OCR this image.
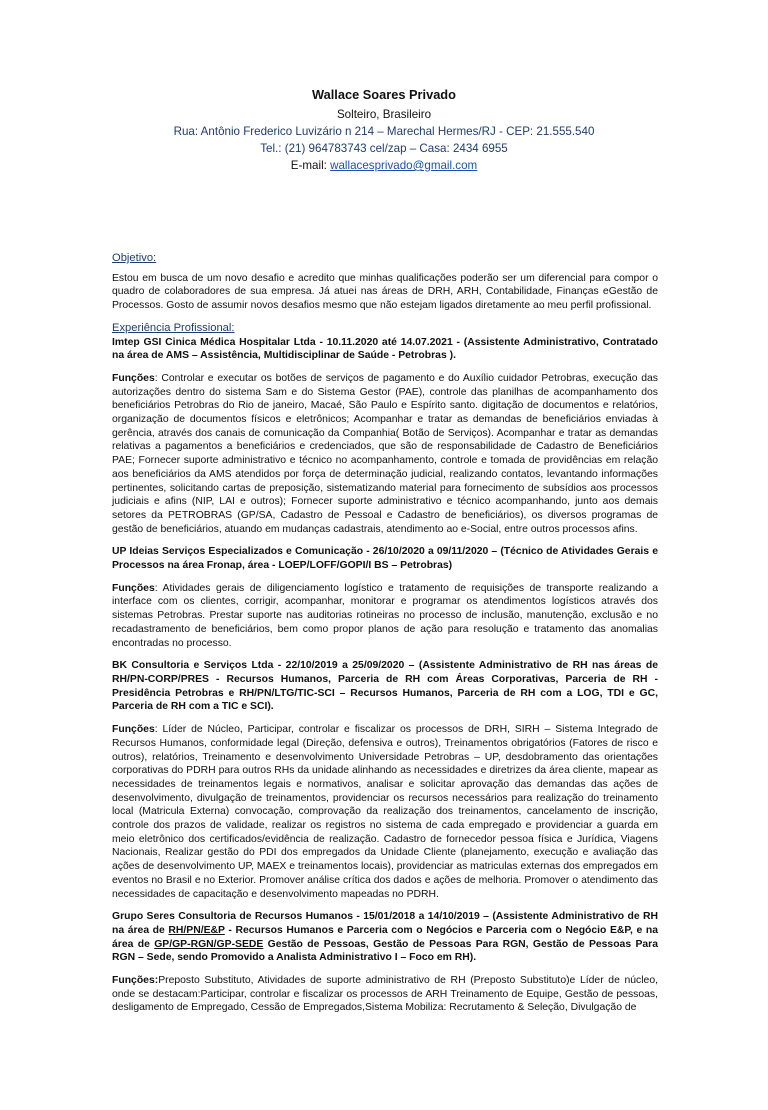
Wallace Soares Privado
Solteiro, Brasileiro
Rua: Antônio Frederico Luvizário n 214 – Marechal Hermes/RJ - CEP: 21.555.540
Tel.: (21) 964783743 cel/zap – Casa: 2434 6955
E-mail: wallacesprivado@gmail.com
Objetivo:

Estou em busca de um novo desafio e acredito que minhas qualificações poderão ser um diferencial para compor o quadro de colaboradores de sua empresa. Já atuei nas áreas de DRH, ARH, Contabilidade, Finanças eGestão de Processos. Gosto de assumir novos desafios mesmo que não estejam ligados diretamente ao meu perfil profissional.

Experiência Profissional:

Imtep GSI Cinica Médica Hospitalar Ltda - 10.11.2020 até 14.07.2021 - (Assistente Administrativo, Contratado na área de AMS – Assistência, Multidisciplinar de Saúde - Petrobras ).

Funções: Controlar e executar os botões de serviços de pagamento e do Auxílio cuidador Petrobras, execução das autorizações dentro do sistema Sam e do Sistema Gestor (PAE), controle das planilhas de acompanhamento dos beneficiários Petrobras do Rio de janeiro, Macaé, São Paulo e Espírito santo. digitação de documentos e relatórios, organização de documentos físicos e eletrônicos; Acompanhar e tratar as demandas de beneficiários enviadas à gerência, através dos canais de comunicação da Companhia( Botão de Serviços). Acompanhar e tratar as demandas relativas a pagamentos a beneficiários e credenciados, que são de responsabilidade de Cadastro de Beneficiários PAE; Fornecer suporte administrativo e técnico no acompanhamento, controle e tomada de providências em relação aos beneficiários da AMS atendidos por força de determinação judicial, realizando contatos, levantando informações pertinentes, solicitando cartas de preposição, sistematizando material para fornecimento de subsídios aos processos judiciais e afins (NIP, LAI e outros); Fornecer suporte administrativo e técnico acompanhando, junto aos demais setores da PETROBRAS (GP/SA, Cadastro de Pessoal e Cadastro de beneficiários), os diversos programas de gestão de beneficiários, atuando em mudanças cadastrais, atendimento ao e-Social, entre outros processos afins.

UP Ideias Serviços Especializados e Comunicação - 26/10/2020 a 09/11/2020 – (Técnico de Atividades Gerais e Processos na área Fronap, área - LOEP/LOFF/GOPI/I BS – Petrobras)

Funções: Atividades gerais de diligenciamento logístico e tratamento de requisições de transporte realizando a interface com os clientes, corrigir, acompanhar, monitorar e programar os atendimentos logísticos através dos sistemas Petrobras. Prestar suporte nas auditorias rotineiras no processo de inclusão, manutenção, exclusão e no recadastramento de beneficiários, bem como propor planos de ação para resolução e tratamento das anomalias encontradas no processo.

BK Consultoria e Serviços Ltda - 22/10/2019 a 25/09/2020 – (Assistente Administrativo de RH nas áreas de RH/PN-CORP/PRES - Recursos Humanos, Parceria de RH com Áreas Corporativas, Parceria de RH - Presidência Petrobras e RH/PN/LTG/TIC-SCI – Recursos Humanos, Parceria de RH com a LOG, TDI e GC, Parceria de RH com a TIC e SCI).

Funções: Líder de Núcleo, Participar, controlar e fiscalizar os processos de DRH, SIRH – Sistema Integrado de Recursos Humanos, conformidade legal (Direção, defensiva e outros), Treinamentos obrigatórios (Fatores de risco e outros), relatórios, Treinamento e desenvolvimento Universidade Petrobras – UP, desdobramento das orientações corporativas do PDRH para outros RHs da unidade alinhando as necessidades e diretrizes da área cliente, mapear as necessidades de treinamentos legais e normativos, analisar e solicitar aprovação das demandas das ações de desenvolvimento, divulgação de treinamentos, providenciar os recursos necessários para realização do treinamento local (Matricula Externa) convocação, comprovação da realização dos treinamentos, cancelamento de inscrição, controle dos prazos de validade, realizar os registros no sistema de cada empregado e providenciar a guarda em meio eletrônico dos certificados/evidência de realização. Cadastro de fornecedor pessoa física e Jurídica, Viagens Nacionais, Realizar gestão do PDI dos empregados da Unidade Cliente (planejamento, execução e avaliação das ações de desenvolvimento UP, MAEX e treinamentos locais), providenciar as matriculas externas dos empregados em eventos no Brasil e no Exterior. Promover análise crítica dos dados e ações de melhoria. Promover o atendimento das necessidades de capacitação e desenvolvimento mapeadas no PDRH.

Grupo Seres Consultoria de Recursos Humanos - 15/01/2018 a 14/10/2019 – (Assistente Administrativo de RH na área de RH/PN/E&P - Recursos Humanos e Parceria com o Negócios e Parceria com o Negócio E&P, e na área de GP/GP-RGN/GP-SEDE Gestão de Pessoas, Gestão de Pessoas Para RGN, Gestão de Pessoas Para RGN – Sede, sendo Promovido a Analista Administrativo I – Foco em RH).

Funções:Preposto Substituto, Atividades de suporte administrativo de RH (Preposto Substituto)e Líder de núcleo, onde se destacam:Participar, controlar e fiscalizar os processos de ARH Treinamento de Equipe, Gestão de pessoas, desligamento de Empregado, Cessão de Empregados,Sistema Mobiliza: Recrutamento & Seleção, Divulgação de
